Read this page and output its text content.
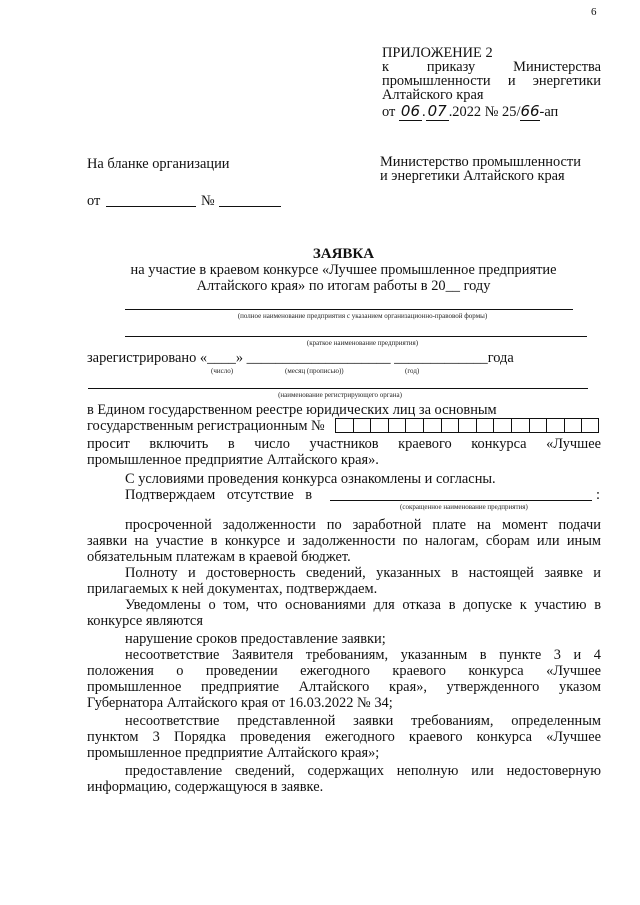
6
ПРИЛОЖЕНИЕ 2
к приказу Министерства
промышленности и энергетики
Алтайского края
от 06 . 07 .2022 № 25/66-ап
На бланке организации
от	№
Министерство промышленности
и энергетики Алтайского края
ЗАЯВКА
на участие в краевом конкурсе «Лучшее промышленное предприятие
Алтайского края» по итогам работы в 20__ году
(полное наименование предприятия с указанием организационно-правовой формы)
(краткое наименование предприятия)
зарегистрировано «____» ____________________ _____________года
(число)	(месяц (прописью))	(год)
(наименование регистрирующего органа)
в Едином государственном реестре юридических лиц за основным
государственным регистрационным №
просит включить в число участников краевого конкурса «Лучшее
промышленное предприятие Алтайского края».
С условиями проведения конкурса ознакомлены и согласны.
Подтверждаем отсутствие в	:
(сокращенное наименование предприятия)
просроченной задолженности по заработной плате на момент подачи
заявки на участие в конкурсе и задолженности по налогам, сборам или иным
обязательным платежам в краевой бюджет.
Полноту и достоверность сведений, указанных в настоящей заявке и
прилагаемых к ней документах, подтверждаем.
Уведомлены о том, что основаниями для отказа в допуске к участию в
конкурсе являются
нарушение сроков предоставление заявки;
несоответствие Заявителя требованиям, указанным в пункте 3 и 4
положения о проведении ежегодного краевого конкурса «Лучшее
промышленное предприятие Алтайского края», утвержденного указом
Губернатора Алтайского края от 16.03.2022 № 34;
несоответствие представленной заявки требованиям, определенным
пунктом 3 Порядка проведения ежегодного краевого конкурса «Лучшее
промышленное предприятие Алтайского края»;
предоставление сведений, содержащих неполную или недостоверную
информацию, содержащуюся в заявке.
